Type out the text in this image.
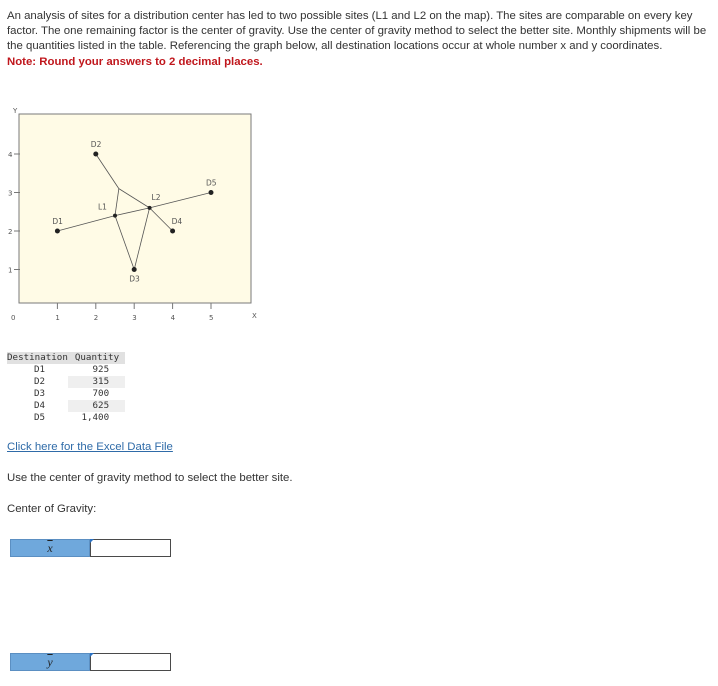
An analysis of sites for a distribution center has led to two possible sites (L1 and L2 on the map). The sites are comparable on every key factor. The one remaining factor is the center of gravity. Use the center of gravity method to select the better site. Monthly shipments will be the quantities listed in the table. Referencing the graph below, all destination locations occur at whole number x and y coordinates.

Note: Round your answers to 2 decimal places.

1	2	3	4	5
1
2
3
4
D1
D2
D3
D4
D5
L1
L2
Y
X
0
Destination	Quantity
D1	925
D2	315
D3	700
D4	625
D5	1,400
Click here for the Excel Data File
Use the center of gravity method to select the better site.
Center of Gravity:
$\overline{x}$
$\overline{y}$
